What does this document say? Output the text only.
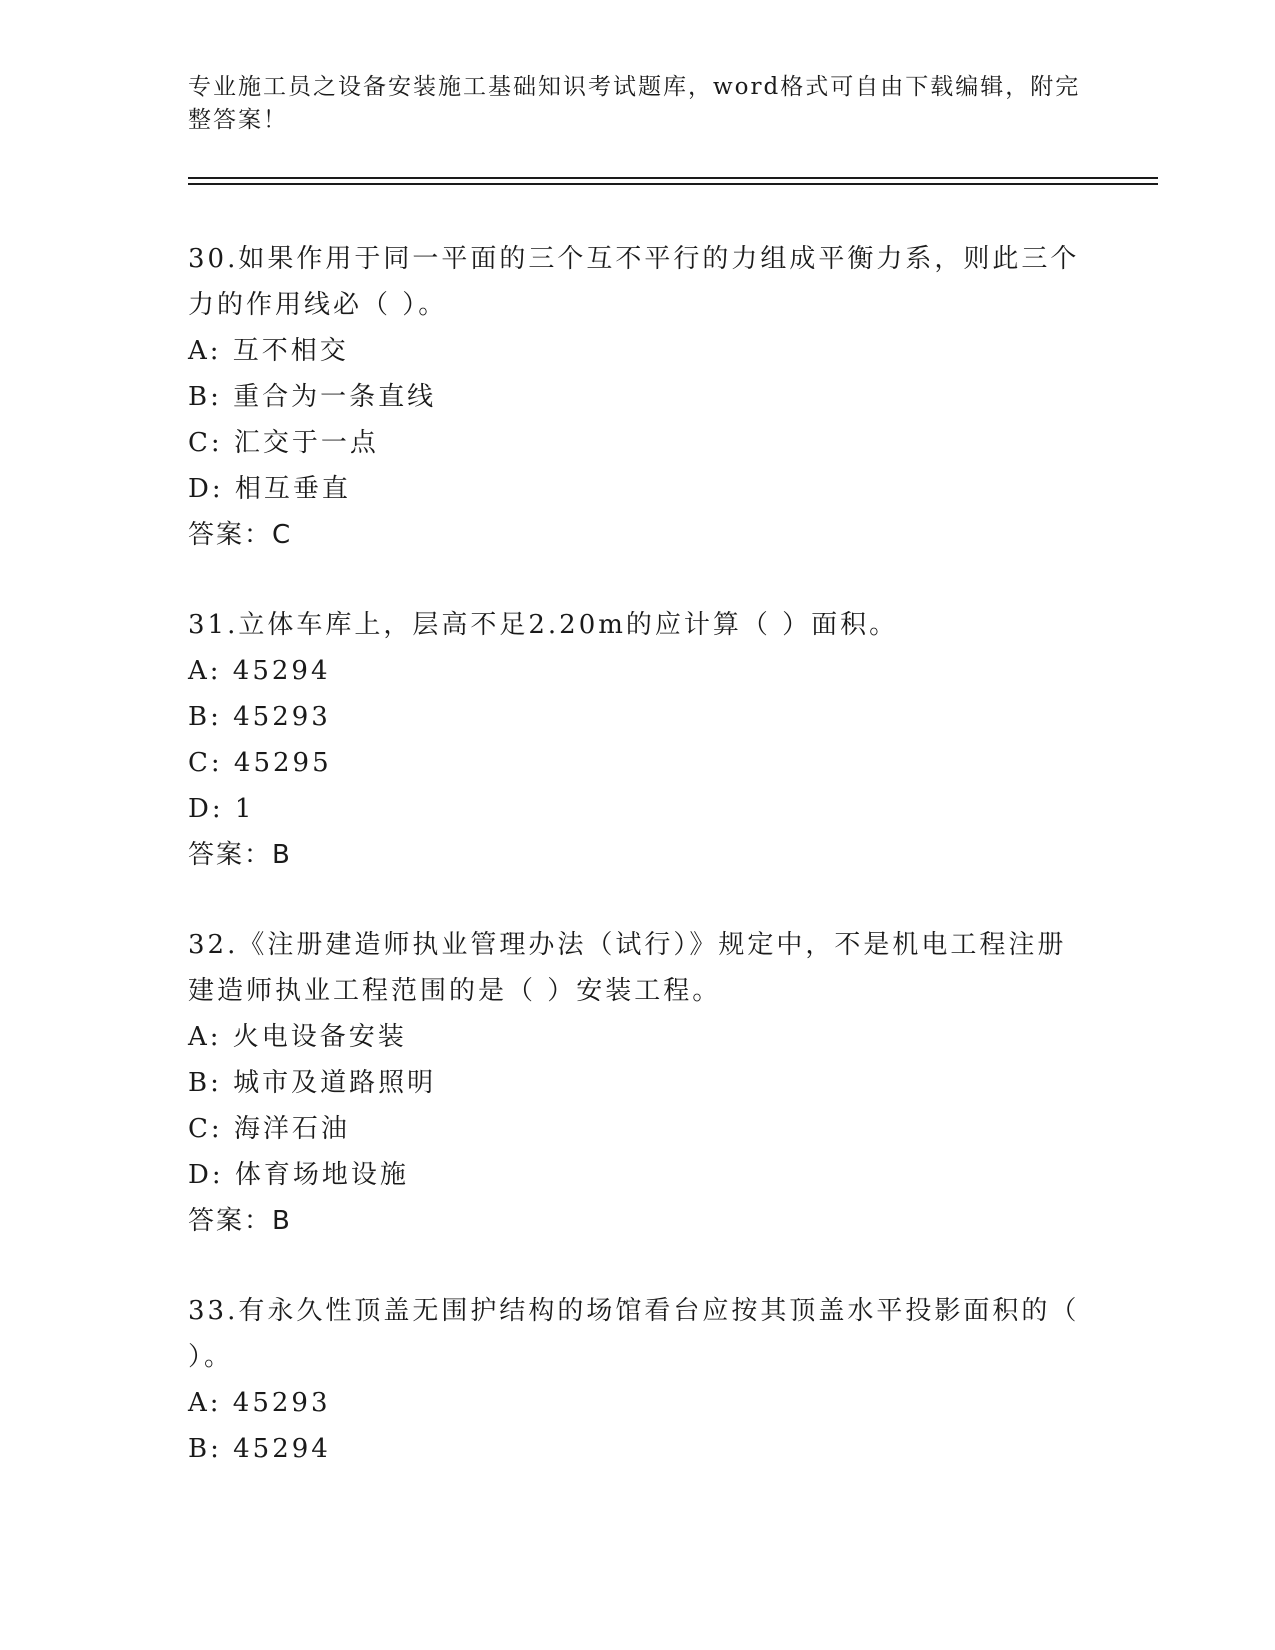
专业施工员之设备安装施工基础知识考试题库，word格式可自由下载编辑，附完整答案！
30.如果作用于同一平面的三个互不平行的力组成平衡力系，则此三个力的作用线必（ ）。
A: 互不相交
B: 重合为一条直线
C: 汇交于一点
D: 相互垂直
答案：C
31.立体车库上，层高不足2.20m的应计算（ ）面积。
A: 45294
B: 45293
C: 45295
D: 1
答案：B
32.《注册建造师执业管理办法（试行）》规定中，不是机电工程注册建造师执业工程范围的是（ ）安装工程。
A: 火电设备安装
B: 城市及道路照明
C: 海洋石油
D: 体育场地设施
答案：B
33.有永久性顶盖无围护结构的场馆看台应按其顶盖水平投影面积的（ ）。
A: 45293
B: 45294
